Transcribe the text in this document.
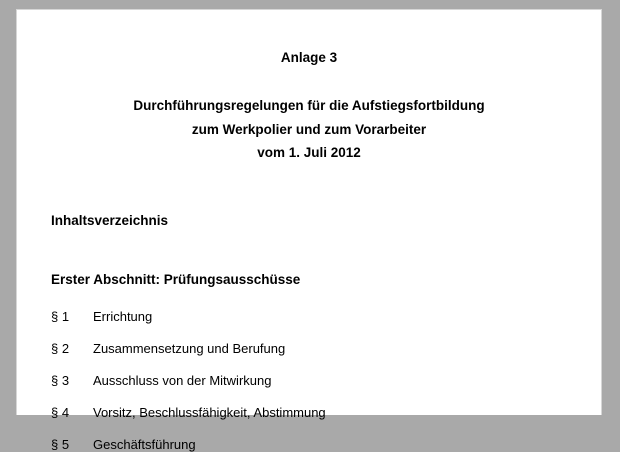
Anlage 3
Durchführungsregelungen für die Aufstiegsfortbildung
zum Werkpolier und zum Vorarbeiter
vom 1. Juli 2012
Inhaltsverzeichnis
Erster Abschnitt: Prüfungsausschüsse
§ 1	Errichtung
§ 2	Zusammensetzung und Berufung
§ 3	Ausschluss von der Mitwirkung
§ 4	Vorsitz, Beschlussfähigkeit, Abstimmung
§ 5	Geschäftsführung
